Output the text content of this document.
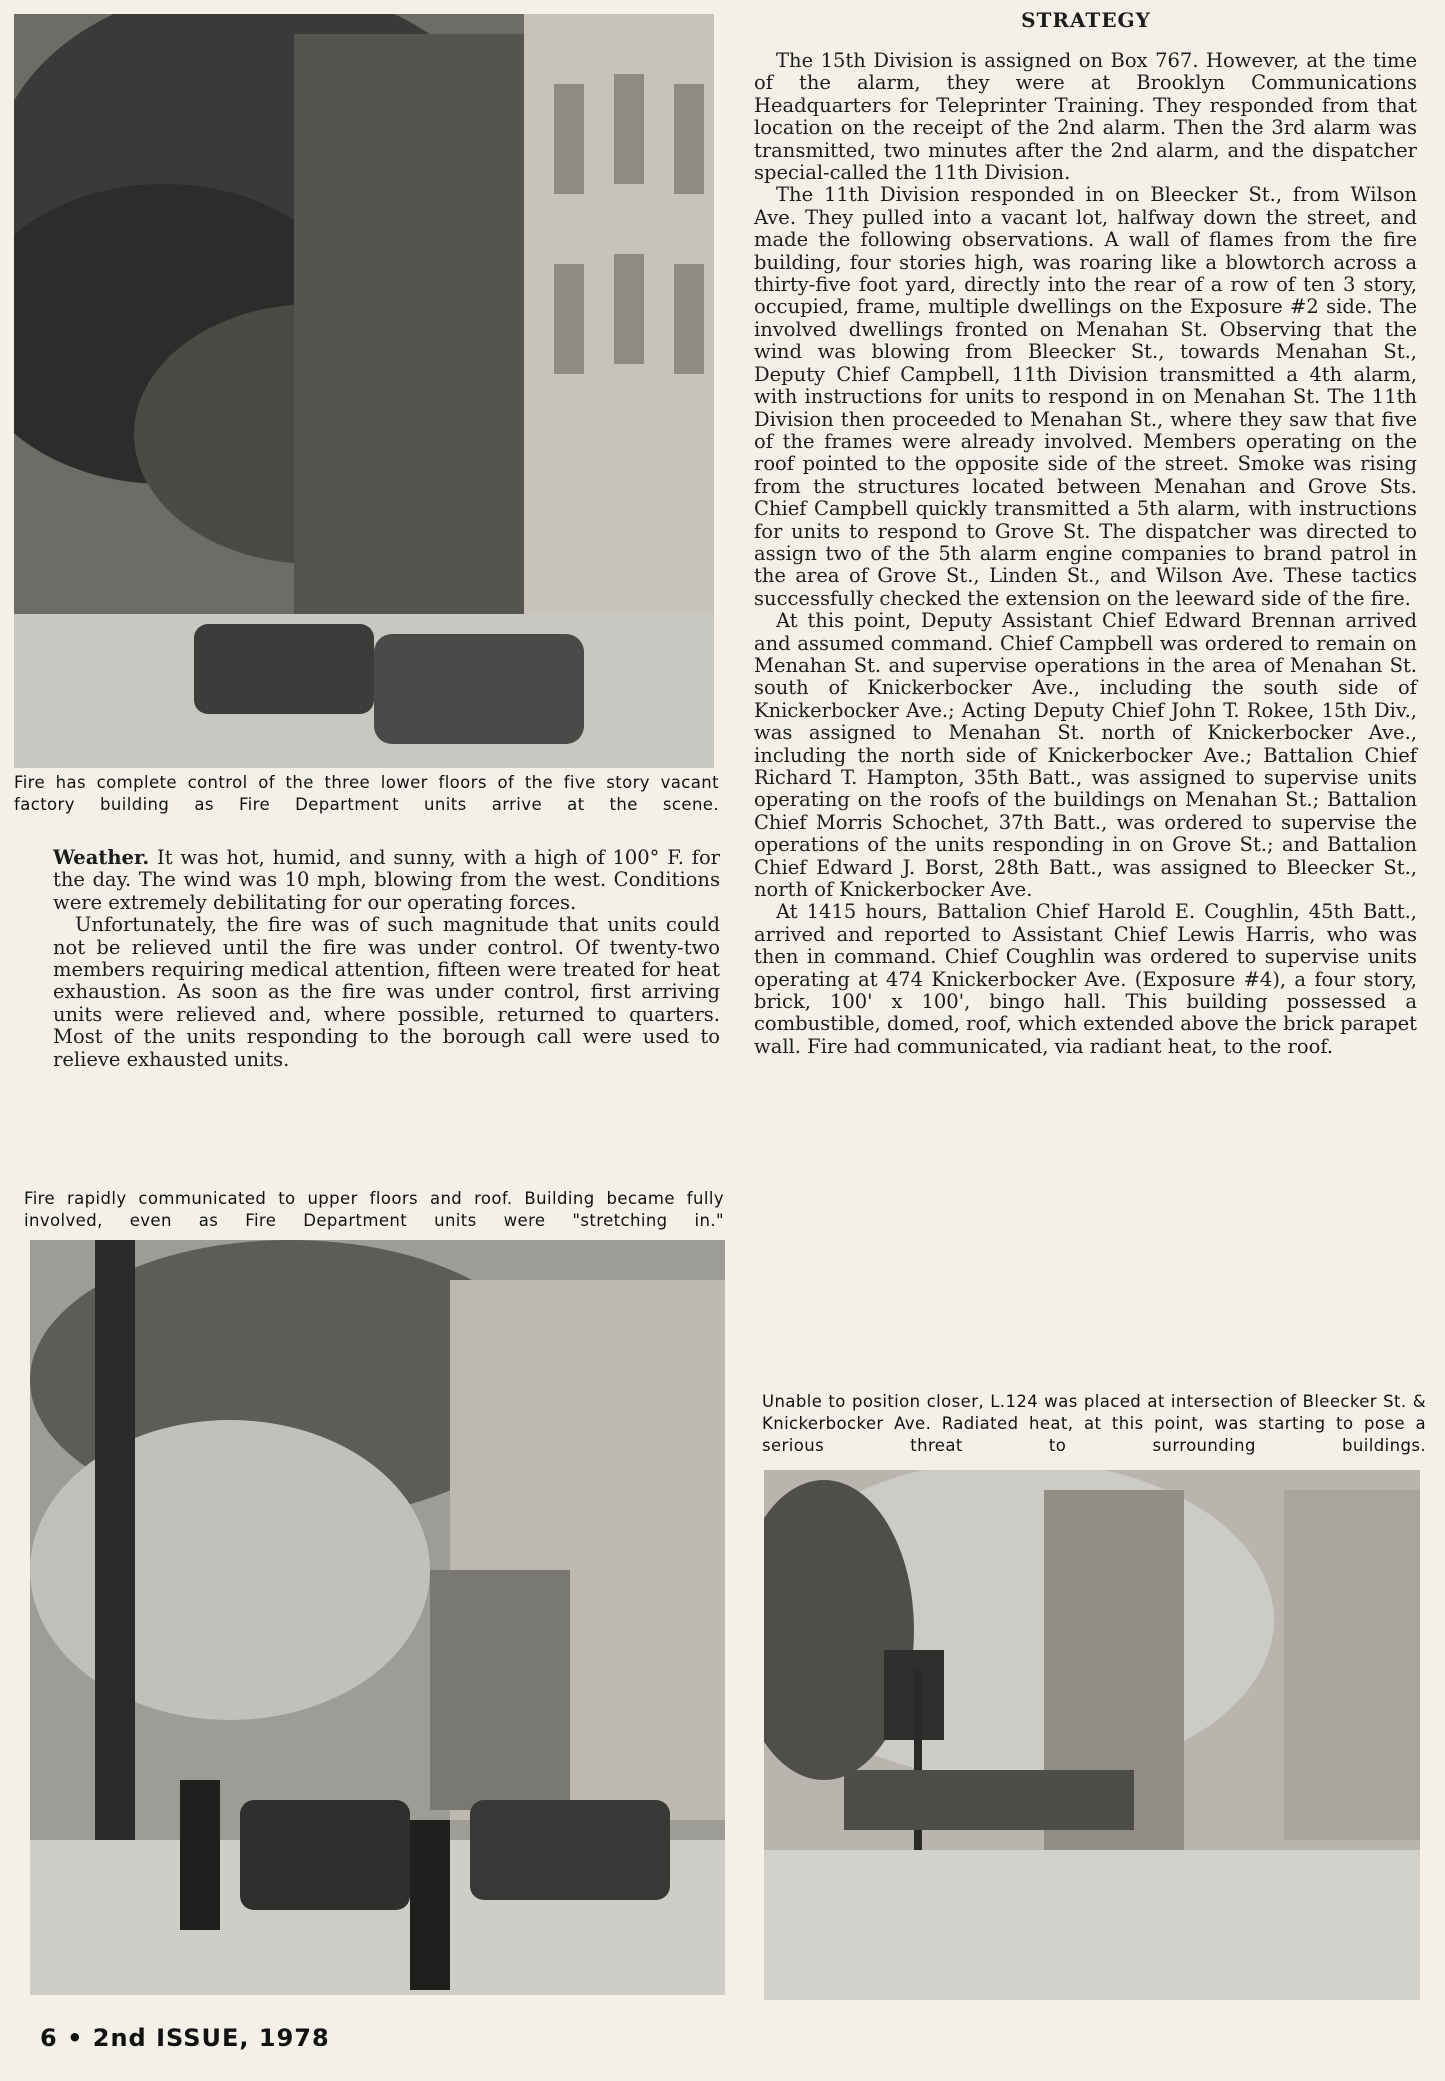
Fire has complete control of the three lower floors of the five story vacant factory building as Fire Department units arrive at the scene.

Weather. It was hot, humid, and sunny, with a high of 100° F. for the day. The wind was 10 mph, blowing from the west. Conditions were extremely debilitating for our operating forces.

Unfortunately, the fire was of such magnitude that units could not be relieved until the fire was under control. Of twenty-two members requiring medical attention, fifteen were treated for heat exhaustion. As soon as the fire was under control, first arriving units were relieved and, where possible, returned to quarters. Most of the units responding to the borough call were used to relieve exhausted units.

Fire rapidly communicated to upper floors and roof. Building became fully involved, even as Fire Department units were "stretching in."
STRATEGY

The 15th Division is assigned on Box 767. However, at the time of the alarm, they were at Brooklyn Communications Headquarters for Teleprinter Training. They responded from that location on the receipt of the 2nd alarm. Then the 3rd alarm was transmitted, two minutes after the 2nd alarm, and the dispatcher special-called the 11th Division.

The 11th Division responded in on Bleecker St., from Wilson Ave. They pulled into a vacant lot, halfway down the street, and made the following observations. A wall of flames from the fire building, four stories high, was roaring like a blowtorch across a thirty-five foot yard, directly into the rear of a row of ten 3 story, occupied, frame, multiple dwellings on the Exposure #2 side. The involved dwellings fronted on Menahan St. Observing that the wind was blowing from Bleecker St., towards Menahan St., Deputy Chief Campbell, 11th Division transmitted a 4th alarm, with instructions for units to respond in on Menahan St. The 11th Division then proceeded to Menahan St., where they saw that five of the frames were already involved. Members operating on the roof pointed to the opposite side of the street. Smoke was rising from the structures located between Menahan and Grove Sts. Chief Campbell quickly transmitted a 5th alarm, with instructions for units to respond to Grove St. The dispatcher was directed to assign two of the 5th alarm engine companies to brand patrol in the area of Grove St., Linden St., and Wilson Ave. These tactics successfully checked the extension on the leeward side of the fire.

At this point, Deputy Assistant Chief Edward Brennan arrived and assumed command. Chief Campbell was ordered to remain on Menahan St. and supervise operations in the area of Menahan St. south of Knickerbocker Ave., including the south side of Knickerbocker Ave.; Acting Deputy Chief John T. Rokee, 15th Div., was assigned to Menahan St. north of Knickerbocker Ave., including the north side of Knickerbocker Ave.; Battalion Chief Richard T. Hampton, 35th Batt., was assigned to supervise units operating on the roofs of the buildings on Menahan St.; Battalion Chief Morris Schochet, 37th Batt., was ordered to supervise the operations of the units responding in on Grove St.; and Battalion Chief Edward J. Borst, 28th Batt., was assigned to Bleecker St., north of Knickerbocker Ave.

At 1415 hours, Battalion Chief Harold E. Coughlin, 45th Batt., arrived and reported to Assistant Chief Lewis Harris, who was then in command. Chief Coughlin was ordered to supervise units operating at 474 Knickerbocker Ave. (Exposure #4), a four story, brick, 100' x 100', bingo hall. This building possessed a combustible, domed, roof, which extended above the brick parapet wall. Fire had communicated, via radiant heat, to the roof.

Unable to position closer, L.124 was placed at intersection of Bleecker St. & Knickerbocker Ave. Radiated heat, at this point, was starting to pose a serious threat to surrounding buildings.
6 • 2nd ISSUE, 1978
